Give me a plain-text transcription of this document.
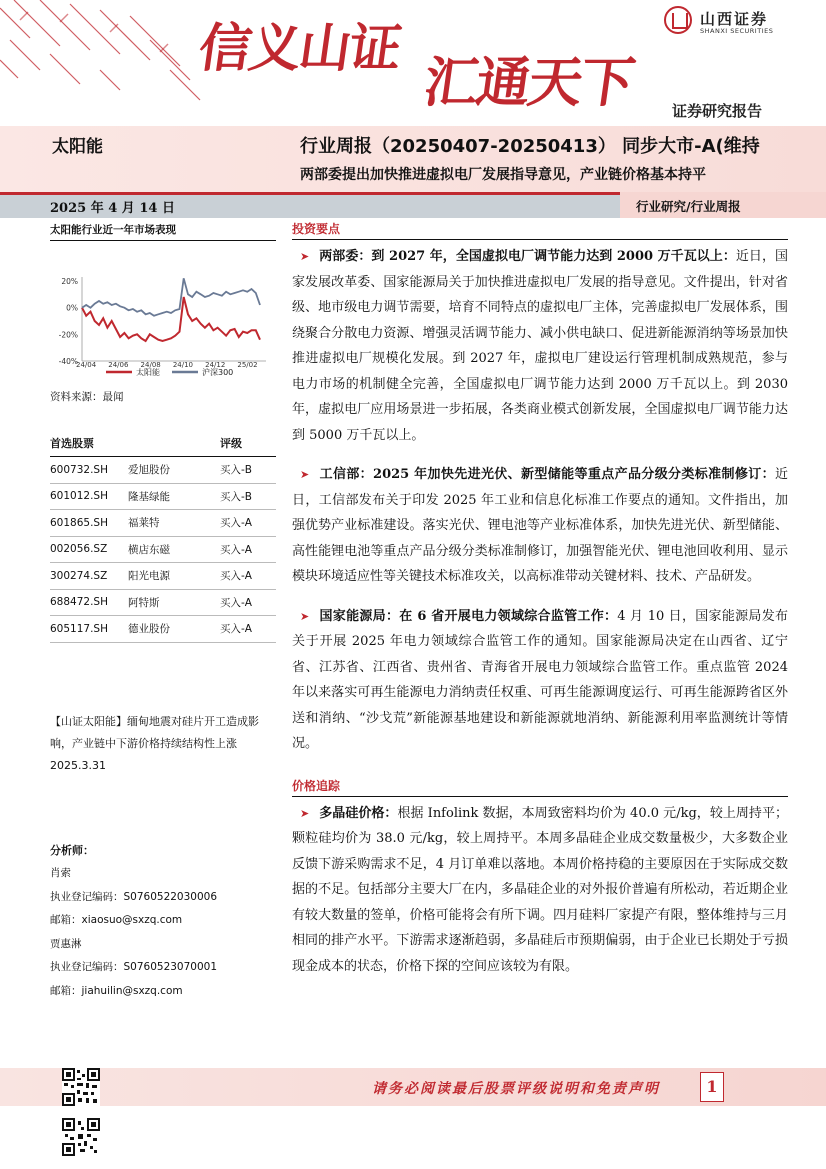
信义山证
汇通天下
山西证券
SHANXI SECURITIES
证券研究报告
太阳能	行业周报（20250407-20250413） 同步大市-A(维持
两部委提出加快推进虚拟电厂发展指导意见，产业链价格基本持平
2025 年 4 月 14 日	行业研究/行业周报
太阳能行业近一年市场表现
20%
0%
-20%
-40%
24/04 24/06 24/08 24/10 24/12 25/02
太阳能	沪深300
资料来源：最闻
首选股票		评级
600732.SH	爱旭股份	买入-B
601012.SH	隆基绿能	买入-B
601865.SH	福莱特	买入-A
002056.SZ	横店东磁	买入-A
300274.SZ	阳光电源	买入-A
688472.SH	阿特斯	买入-A
605117.SH	德业股份	买入-A
【山证太阳能】缅甸地震对硅片开工造成影响，产业链中下游价格持续结构性上涨 2025.3.31
分析师：
肖索
执业登记编码：S0760522030006
邮箱：xiaosuo@sxzq.com
贾惠淋
执业登记编码：S0760523070001
邮箱：jiahuilin@sxzq.com
投资要点

➤ 两部委：到 2027 年，全国虚拟电厂调节能力达到 2000 万千瓦以上：近日，国家发展改革委、国家能源局关于加快推进虚拟电厂发展的指导意见。文件提出，针对省级、地市级电力调节需要，培育不同特点的虚拟电厂主体，完善虚拟电厂发展体系，围绕聚合分散电力资源、增强灵活调节能力、减小供电缺口、促进新能源消纳等场景加快推进虚拟电厂规模化发展。到 2027 年，虚拟电厂建设运行管理机制成熟规范，参与电力市场的机制健全完善，全国虚拟电厂调节能力达到 2000 万千瓦以上。到 2030 年，虚拟电厂应用场景进一步拓展，各类商业模式创新发展，全国虚拟电厂调节能力达到 5000 万千瓦以上。

➤ 工信部：2025 年加快先进光伏、新型储能等重点产品分级分类标准制修订：近日，工信部发布关于印发 2025 年工业和信息化标准工作要点的通知。文件指出，加强优势产业标准建设。落实光伏、锂电池等产业标准体系，加快先进光伏、新型储能、高性能锂电池等重点产品分级分类标准制修订，加强智能光伏、锂电池回收利用、显示模块环境适应性等关键技术标准攻关，以高标准带动关键材料、技术、产品研发。

➤ 国家能源局：在 6 省开展电力领域综合监管工作：4 月 10 日，国家能源局发布关于开展 2025 年电力领域综合监管工作的通知。国家能源局决定在山西省、辽宁省、江苏省、江西省、贵州省、青海省开展电力领域综合监管工作。重点监管 2024 年以来落实可再生能源电力消纳责任权重、可再生能源调度运行、可再生能源跨省区外送和消纳、“沙戈荒”新能源基地建设和新能源就地消纳、新能源利用率监测统计等情况。

价格追踪

➤ 多晶硅价格：根据 Infolink 数据，本周致密料均价为 40.0 元/kg，较上周持平；颗粒硅均价为 38.0 元/kg，较上周持平。本周多晶硅企业成交数量极少，大多数企业反馈下游采购需求不足，4 月订单难以落地。本周价格持稳的主要原因在于实际成交数据的不足。包括部分主要大厂在内，多晶硅企业的对外报价普遍有所松动，若近期企业有较大数量的签单，价格可能将会有所下调。四月硅料厂家提产有限，整体维持与三月相同的排产水平。下游需求逐渐趋弱，多晶硅后市预期偏弱，由于企业已长期处于亏损现金成本的状态，价格下探的空间应该较为有限。

请务必阅读最后股票评级说明和免责声明	1
